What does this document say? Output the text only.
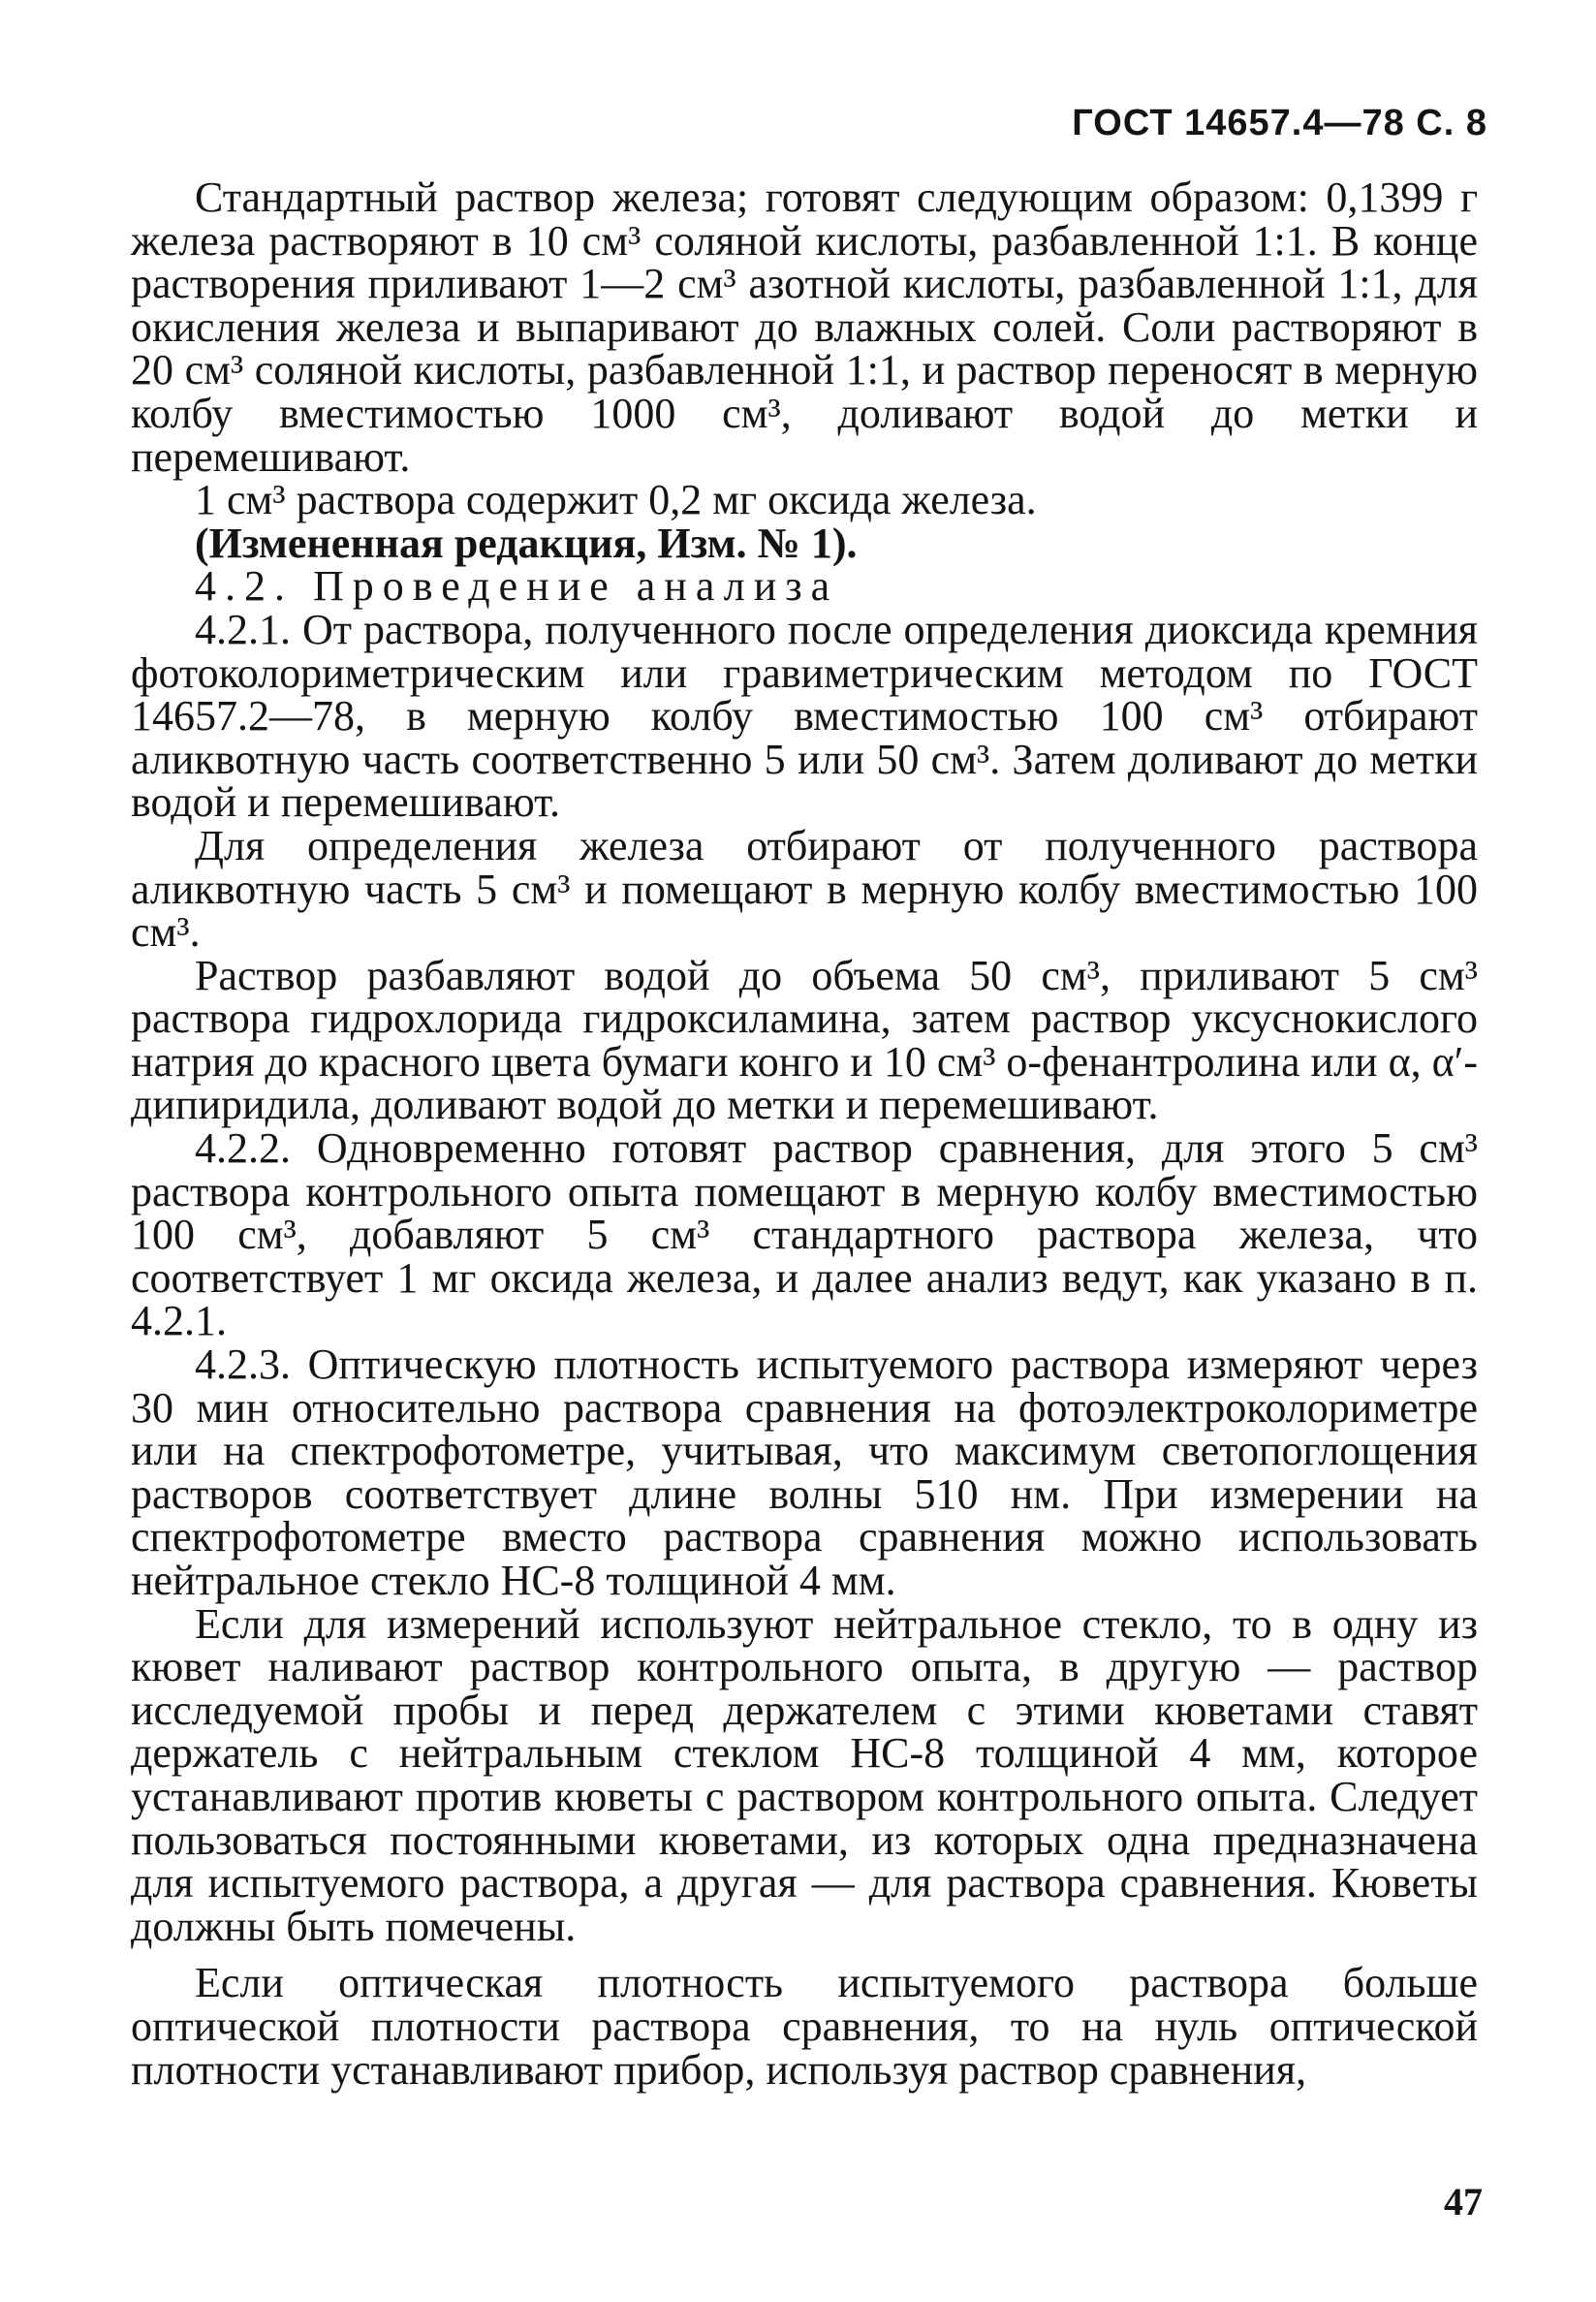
ГОСТ 14657.4—78 С. 8

Стандартный раствор железа; готовят следующим образом: 0,1399 г железа растворяют в 10 см³ соляной кислоты, разбавленной 1:1. В конце растворения приливают 1—2 см³ азотной кислоты, разбавленной 1:1, для окисления железа и выпаривают до влажных солей. Соли растворяют в 20 см³ соляной кислоты, разбавленной 1:1, и раствор переносят в мерную колбу вместимостью 1000 см³, доливают водой до метки и перемешивают.

1 см³ раствора содержит 0,2 мг оксида железа.

(Измененная редакция, Изм. № 1).

4.2. Проведение анализа

4.2.1. От раствора, полученного после определения диоксида кремния фотоколориметрическим или гравиметрическим методом по ГОСТ 14657.2—78, в мерную колбу вместимостью 100 см³ отбирают аликвотную часть соответственно 5 или 50 см³. Затем доливают до метки водой и перемешивают.

Для определения железа отбирают от полученного раствора аликвотную часть 5 см³ и помещают в мерную колбу вместимостью 100 см³.

Раствор разбавляют водой до объема 50 см³, приливают 5 см³ раствора гидрохлорида гидроксиламина, затем раствор уксуснокислого натрия до красного цвета бумаги конго и 10 см³ о-фенантролина или α, α′-дипиридила, доливают водой до метки и перемешивают.

4.2.2. Одновременно готовят раствор сравнения, для этого 5 см³ раствора контрольного опыта помещают в мерную колбу вместимостью 100 см³, добавляют 5 см³ стандартного раствора железа, что соответствует 1 мг оксида железа, и далее анализ ведут, как указано в п. 4.2.1.

4.2.3. Оптическую плотность испытуемого раствора измеряют через 30 мин относительно раствора сравнения на фотоэлектроколориметре или на спектрофотометре, учитывая, что максимум светопоглощения растворов соответствует длине волны 510 нм. При измерении на спектрофотометре вместо раствора сравнения можно использовать нейтральное стекло НС-8 толщиной 4 мм.

Если для измерений используют нейтральное стекло, то в одну из кювет наливают раствор контрольного опыта, в другую — раствор исследуемой пробы и перед держателем с этими кюветами ставят держатель с нейтральным стеклом НС-8 толщиной 4 мм, которое устанавливают против кюветы с раствором контрольного опыта. Следует пользоваться постоянными кюветами, из которых одна предназначена для испытуемого раствора, а другая — для раствора сравнения. Кюветы должны быть помечены.

Если оптическая плотность испытуемого раствора больше оптической плотности раствора сравнения, то на нуль оптической плотности устанавливают прибор, используя раствор сравнения,

47
